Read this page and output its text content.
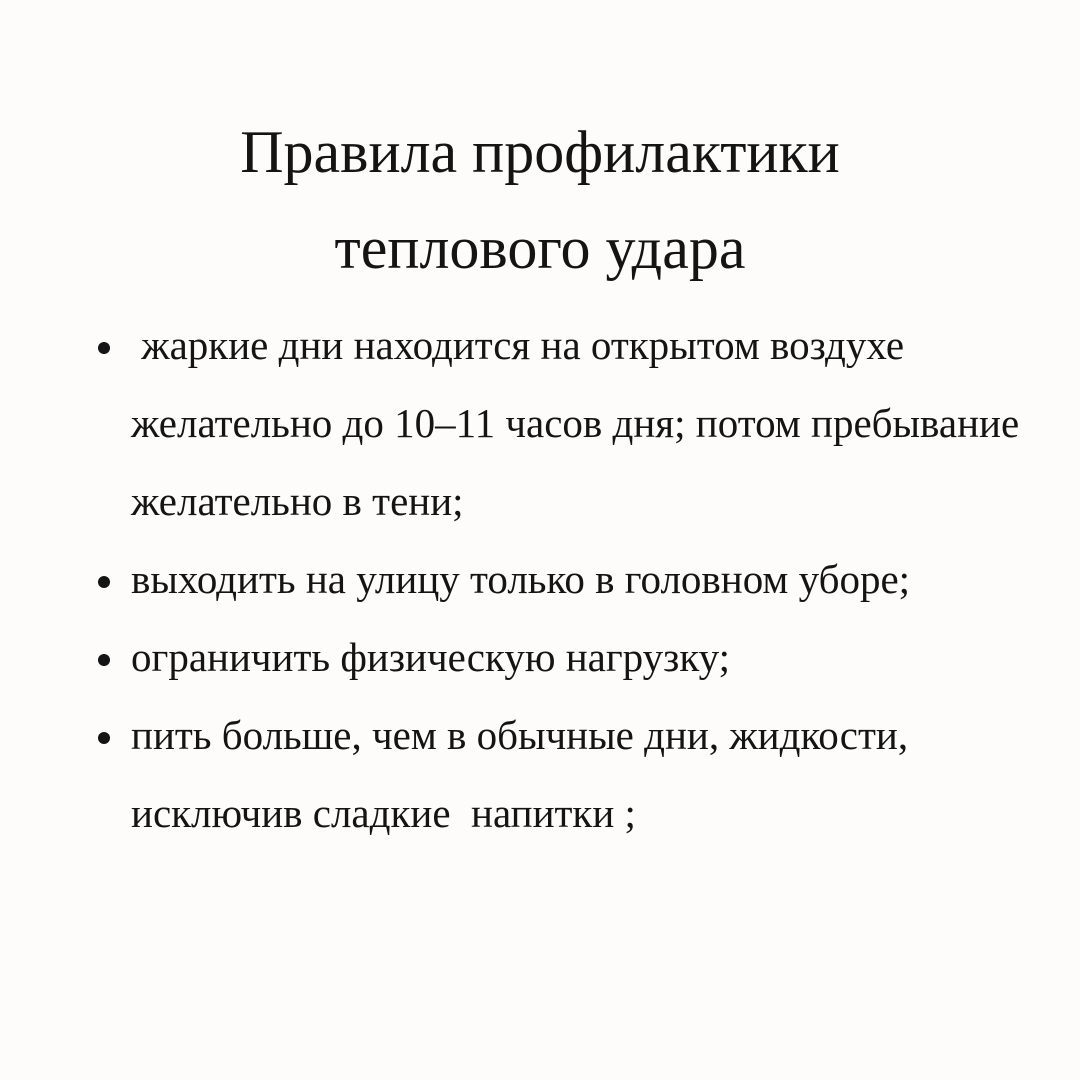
Правила профилактики
теплового удара
жаркие дни находится на открытом воздухе желательно до 10–11 часов дня; потом пребывание желательно в тени;
выходить на улицу только в головном уборе;
ограничить физическую нагрузку;
пить больше, чем в обычные дни, жидкости, исключив сладкие  напитки ;
